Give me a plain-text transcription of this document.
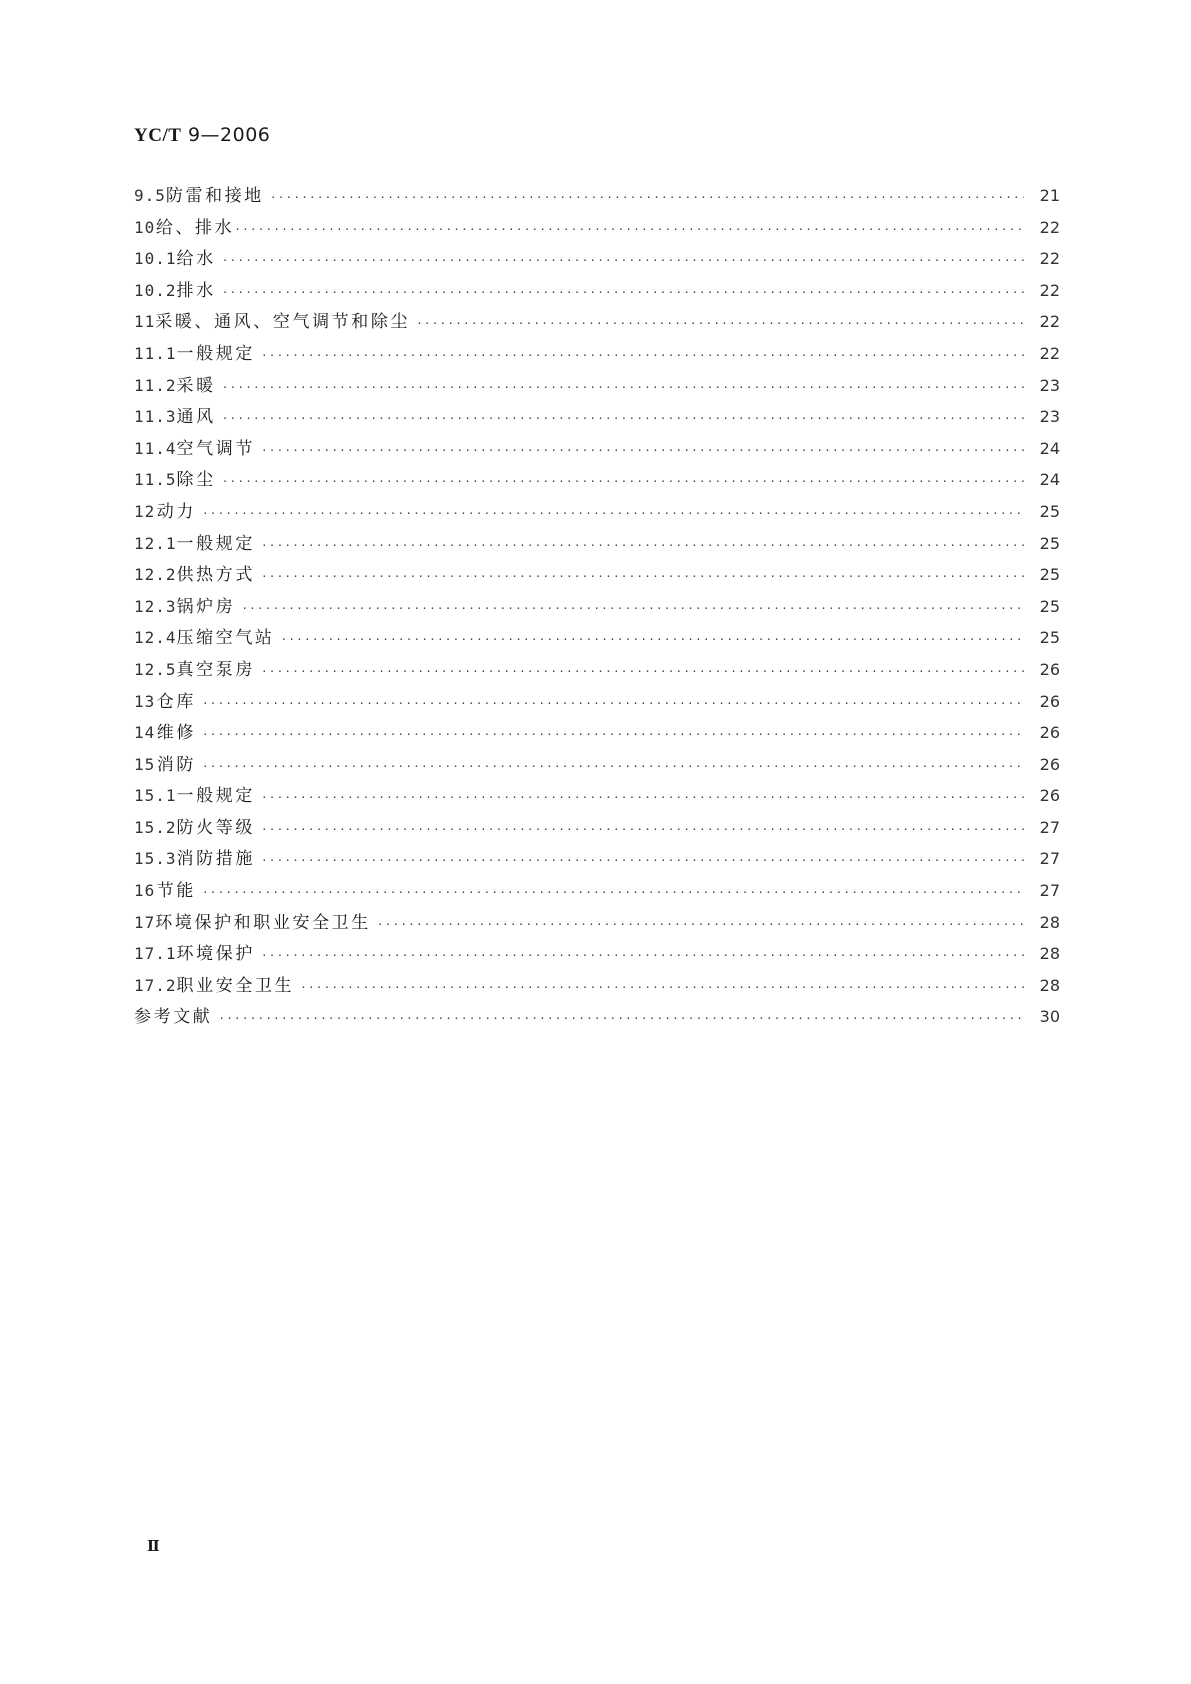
YC/T 9—2006
9.5 防雷和接地 ·····	21
10 给、排水 ·····	22
10.1 给水 ·····	22
10.2 排水 ·····	22
11 采暖、通风、空气调节和除尘 ·····	22
11.1 一般规定 ·····	22
11.2 采暖 ·····	23
11.3 通风 ·····	23
11.4 空气调节 ·····	24
11.5 除尘 ·····	24
12 动力 ·····	25
12.1 一般规定 ·····	25
12.2 供热方式 ·····	25
12.3 锅炉房 ·····	25
12.4 压缩空气站 ·····	25
12.5 真空泵房 ·····	26
13 仓库 ·····	26
14 维修 ·····	26
15 消防 ·····	26
15.1 一般规定 ·····	26
15.2 防火等级 ·····	27
15.3 消防措施 ·····	27
16 节能 ·····	27
17 环境保护和职业安全卫生 ·····	28
17.1 环境保护 ·····	28
17.2 职业安全卫生 ·····	28
参考文献 ·····	30
Ⅱ
